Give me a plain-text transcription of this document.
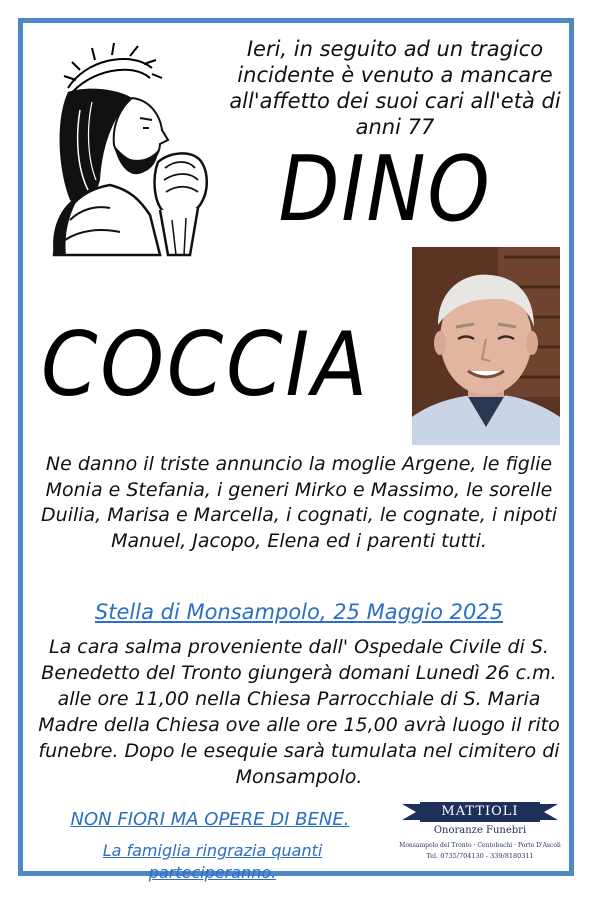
Ieri, in seguito ad un tragico incidente è venuto a mancare all'affetto dei suoi cari all'età di anni 77
DINO
COCCIA
Ne danno il triste annuncio la moglie Argene, le figlie Monia e Stefania, i generi Mirko e Massimo, le sorelle Duilia, Marisa e Marcella, i cognati, le cognate, i nipoti Manuel, Jacopo, Elena ed i parenti tutti.
Stella di Monsampolo, 25 Maggio 2025
La cara salma proveniente dall' Ospedale Civile di S. Benedetto del Tronto giungerà domani Lunedì 26 c.m. alle ore 11,00 nella Chiesa Parrocchiale di S. Maria Madre della Chiesa ove alle ore 15,00 avrà luogo il rito funebre. Dopo le esequie sarà tumulata nel cimitero di Monsampolo.
NON FIORI MA OPERE DI BENE.
La famiglia ringrazia quanti parteciperanno.
MATTIOLI
Onoranze Funebri
Monsampolo del Tronto · Centobuchi · Porto D'Ascoli
Tel. 0735/704130 - 339/8180311
